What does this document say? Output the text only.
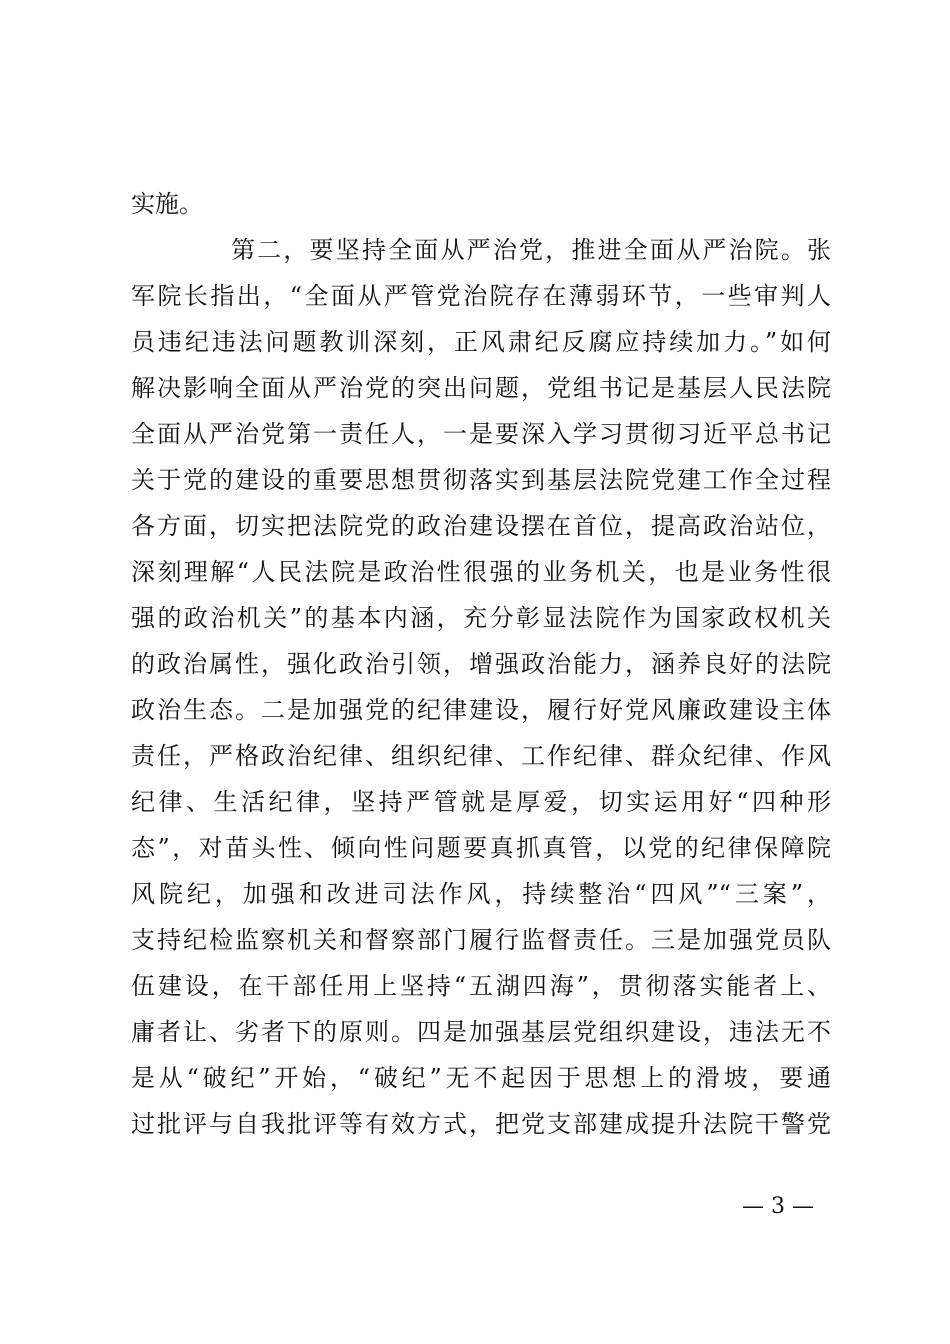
实施。
第二，要坚持全面从严治党，推进全面从严治院。张
军院长指出，“全面从严管党治院存在薄弱环节，一些审判人
员违纪违法问题教训深刻，正风肃纪反腐应持续加力。”如何
解决影响全面从严治党的突出问题，党组书记是基层人民法院
全面从严治党第一责任人，一是要深入学习贯彻习近平总书记
关于党的建设的重要思想贯彻落实到基层法院党建工作全过程
各方面，切实把法院党的政治建设摆在首位，提高政治站位，
深刻理解“人民法院是政治性很强的业务机关，也是业务性很
强的政治机关”的基本内涵，充分彰显法院作为国家政权机关
的政治属性，强化政治引领，增强政治能力，涵养良好的法院
政治生态。二是加强党的纪律建设，履行好党风廉政建设主体
责任，严格政治纪律、组织纪律、工作纪律、群众纪律、作风
纪律、生活纪律，坚持严管就是厚爱，切实运用好“四种形
态”，对苗头性、倾向性问题要真抓真管，以党的纪律保障院
风院纪，加强和改进司法作风，持续整治“四风”“三案”，
支持纪检监察机关和督察部门履行监督责任。三是加强党员队
伍建设，在干部任用上坚持“五湖四海”，贯彻落实能者上、
庸者让、劣者下的原则。四是加强基层党组织建设，违法无不
是从“破纪”开始，“破纪”无不起因于思想上的滑坡，要通
过批评与自我批评等有效方式，把党支部建成提升法院干警党
— 3 —
